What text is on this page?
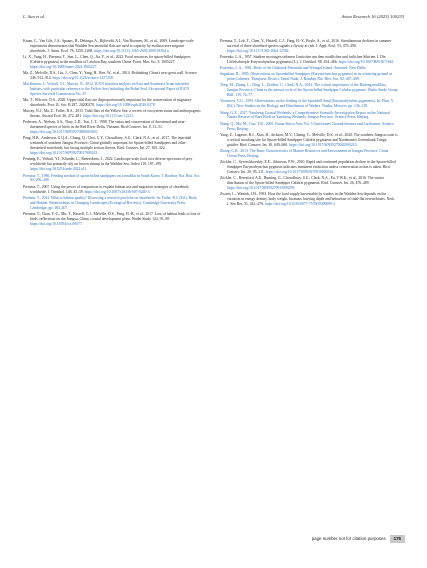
L. Sun et al.	Avian Research 16 (2025) 100233

Kraan, C., Van Gils, J.A., Spaans, B., Dekinga, A., Bijleveld, A.I., Van Roomen, M., et al., 2009. Landscape-scale experiment demonstrates that Wadden Sea intertidal flats are used to capacity by molluscivore migrant shorebirds. J. Anim. Ecol. 78, 1259–1268. https://doi.org/10.1111/j.1365-2656.2009.01564.x.

Li, X., Yang, H., Piersma, T., Sun, L., Chen, Q., Jia, Y., et al., 2022. Food resources for spoon-billed Sandpipers (Calidris pygmaea) in the mudflats of Leizhou Bay, southern China. Front. Mar. Sci. 9, 1005227. https://doi.org/10.3389/fmars.2022.1005227.

Ma, Z., Melville, D.S., Liu, J., Chen, Y., Yang, H., Ren, W., et al., 2014. Rethinking China's new great wall. Science 346, 912–914. https://doi.org/10.1126/science.1257258.

MacKinnon, J., Verkuil, Y.I., Murray, N., 2012. IUCN situation analysis on East and Southeast Asian intertidal habitats, with particular reference to the Yellow Sea (including the Bohai Sea). Occasional Paper of IUCN Species Survival Commission No. 47.

Mu, T., Wilcove, D.S., 2020. Upper tidal flats are disproportionately important for the conservation of migratory shorebirds. Proc. R. Soc. B 287, 20200278. https://doi.org/10.1098/rspb.2020.0278.

Murray, N.J., Ma, Z., Fuller, R.A., 2015. Tidal flats of the Yellow Sea: a review of ecosystem status and anthropogenic threats. Austral Ecol. 40, 472–481. https://doi.org/10.1111/aec.12211.

Pedersen, A., Nielsen, S.S., Thuy, L.D., Trai, L.T., 1998. The status and conservation of threatened and near-threatened species of birds in the Red River Delta, Vietnam. Bird Conserv. Int. 8, 31–51. https://doi.org/10.1017/S0959270900003610.

Peng, H.B., Anderson, G.Q.A., Chang, Q., Choi, C.Y., Chowdhury, S.U., Clark, N.A., et al., 2017. The intertidal wetlands of southern Jiangsu Province, China-globally important for Spoon-billed Sandpipers and other threatened waterbirds, but facing multiple serious threats. Bird. Conserv. Int. 27, 305–322. https://doi.org/10.1017/S0959270917000223.

Penning, E., Verkuil, Y.I., Klunder, L., Reneerkens, J., 2022. Landscape-scale food on a diverse spectrum of prey worldwide but primarily rely on brown shrimp in the Wadden Sea. Ardea 110, 187–199. https://doi.org/10.5253/arde.2022.a11.

Piersma, T., 1986. Feeding method of spoon-billed sandpipers on a mudflat in South Korea. J. Bombay Nat. Hist. Soc. 83, 206–208.

Piersma, T., 2007. Using the power of comparison to explain habitat use and migration strategies of shorebirds worldwide. J. Ornithol. 148, 45–59. https://doi.org/10.1007/s10336-007-0240-3.

Piersma, T., 2012. What is habitat quality? Dissecting a research portfolio on shorebirds. In: Fuller, R.J. (Ed.), Birds and Habitat: Relationships in Changing Landscapes (Ecological Reviews). Cambridge University Press, Cambridge, pp. 383–407.

Piersma, T., Chan, Y.-C., Mu, T., Hassell, C.J., Melville, D.S., Peng, H.-B., et al., 2017. Loss of habitat leads to loss of birds: reflections on the Jiangsu, China, coastal development plans. Wader Study 124, 93–98. https://doi.org/10.18194/ws.00077.

Piersma, T., Lok, T., Chen, Y., Hassell, C.J., Yang, H.-Y., Boyle, A., et al., 2016. Simultaneous declines in summer survival of three shorebird species signals a flyway at risk. J. Appl. Ecol. 53, 479–490. https://doi.org/10.1111/1365-2664.12582.

Portenko, L.A., 1957. Studien an einigen seltenen Limicolen aus dem nördlichen und östlichen Sibirien. I. Die Löffelschnepfe Eurynorhynchus pygmaeus (L.). J. Ornithol. 98, 454–466. https://doi.org/10.1007/BF01671661.

Portenko, L.A., 1981. Birds of the Chukotsk Peninsula and Wrangel Island. Amerind, New Delhi.

Sugathan, R., 1985. Observations on Spoonbilled Sandpiper (Eurynorhynchus pygmeus) in its wintering ground at point Calimere, Thanjavur District, Tamil Nadu. J. Bombay Nat. Hist. Soc. 82, 407–409.

Tong, M., Zhang, L., Ding, L., Zöckler, C., Clark, N.A., 2012. The critical importance of the Rudong mudflats, Jiangsu Province, China in the annual cycle of the Spoon-billed Sandpiper Calidris pygmeus. Wader Study Group Bull. 119, 74–77.

Vorontsov, V.G., 1993. Observations on the feeding of the Spoonbill Sand (Eurynorhynchus pygmaeus). In: Flint, V. (Ed.), New Studies on the Biology and Distribution of Waders. Nauka, Moscow, pp. 136–139.

Wang, G.X., 2017. Yancheng Coastal Wetlands: a Comprehensive Scientific Investigation Report on the National Nature Reserve of Rare Birds in Yancheng Wetlands, Jiangsu Province. Science Press, Beijing.

Wang, Q., Ma, M., Guo, Y.R., 2005. Fauna Sinica Aves Vol. 5 Gruiformes Charadriiformes and Lariformes. Science Press, Beijing.

Yang, Z., Lagassé, B.J., Xiao, H., Jackson, M.V., Chiang, C., Melville, D.S., et al., 2020. The southern Jiangsu coast is a critical moulting site for Spoon-billed Sandpiper Calidris pygmaeus and Nordmann's Greenshank Tringa guttifer. Bird. Conserv. Int. 30, 649–660. https://doi.org/10.1017/S0959270920000210.

Zhang, C.K., 2013. The Basic Characteristics of Marine Resources and Environment in Jiangsu Province. China Ocean Press, Beijing.

Zöckler, C., Syroechkovskiy, E.E., Atkinson, P.W., 2010. Rapid and continued population decline in the Spoon-billed Sandpiper Eurynorhynchus pygmeus indicates imminent extinction unless conservation action is taken. Bird. Conserv. Int. 20, 95–111. https://doi.org/10.1017/S0959270910000316.

Zöckler, C., Beresford, A.E., Bunting, G., Chowdhury, S.U., Clark, N.A., Fu, V.W.K., et al., 2016. The winter distribution of the Spoon-billed Sandpiper Calidris pygmaeus. Bird. Conserv. Int. 26, 476–489. https://doi.org/10.1017/S0959270915000295.

Zwarts, L., Wanink, J.H., 1993. How the food supply harvestable by waders in the Wadden Sea depends on the variation in energy density, body weight, biomass, burying depth and behaviour of tidal-flat invertebrates. Neth. J. Sea Res. 31, 441–476. https://doi.org/10.1016/0077-7579(93)90009-2.

page number not for citation purposes	175
